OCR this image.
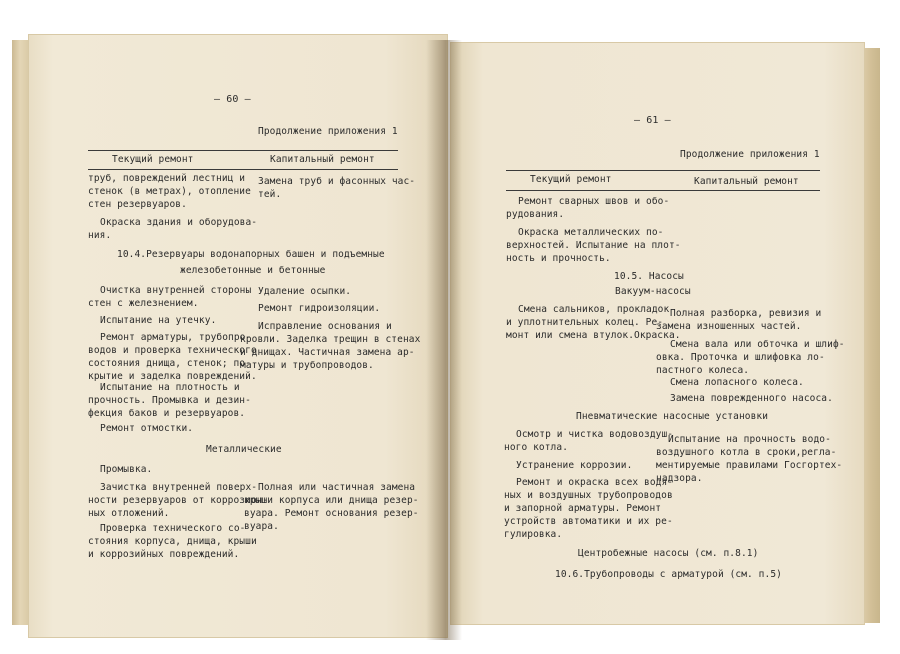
— 60 —
Продолжение приложения 1
Текущий ремонт	Капитальный ремонт
труб, повреждений лестниц и
стенок (в метрах), отопление
стен резервуаров.
Замена труб и фасонных час-
тей.
Окраска здания и оборудова-
ния.
10.4.Резервуары водонапорных башен и подъемные
железобетонные и бетонные
Очистка внутренней стороны
стен с железнением.
Испытание на утечку.
Ремонт арматуры, трубопро-
водов и проверка технического
состояния днища, стенок; по-
крытие и заделка повреждений.
Испытание на плотность и
прочность. Промывка и дезин-
фекция баков и резервуаров.
Ремонт отмостки.
Удаление осыпки.
Ремонт гидроизоляции.
Исправление основания и
кровли. Заделка трещин в стенах
и днищах. Частичная замена ар-
матуры и трубопроводов.
Металлические
Промывка.
Зачистка внутренней поверх-
ности резервуаров от коррозион-
ных отложений.
Проверка технического со-
стояния корпуса, днища, крыши
и коррозийных повреждений.
Полная или частичная замена
крыши корпуса или днища резер-
вуара. Ремонт основания резер-
вуара.
— 61 —
Продолжение приложения 1
Текущий ремонт	Капитальный ремонт
Ремонт сварных швов и обо-
рудования.
Окраска металлических по-
верхностей. Испытание на плот-
ность и прочность.
10.5. Насосы
Вакуум-насосы
Смена сальников, прокладок
и уплотнительных колец. Ре-
монт или смена втулок.Окраска.
Полная разборка, ревизия и
замена изношенных частей.
Смена вала или обточка и шлиф-
овка. Проточка и шлифовка ло-
пастного колеса.
Смена лопасного колеса.
Замена поврежденного насоса.
Пневматические насосные установки
Осмотр и чистка водовоздуш-
ного котла.
Устранение коррозии.
Ремонт и окраска всех водя-
ных и воздушных трубопроводов
и запорной арматуры. Ремонт
устройств автоматики и их ре-
гулировка.
Испытание на прочность водо-
воздушного котла в сроки,регла-
ментируемые правилами Госгортех-
надзора.
Центробежные насосы (см. п.8.1)
10.6.Трубопроводы с арматурой (см. п.5)
